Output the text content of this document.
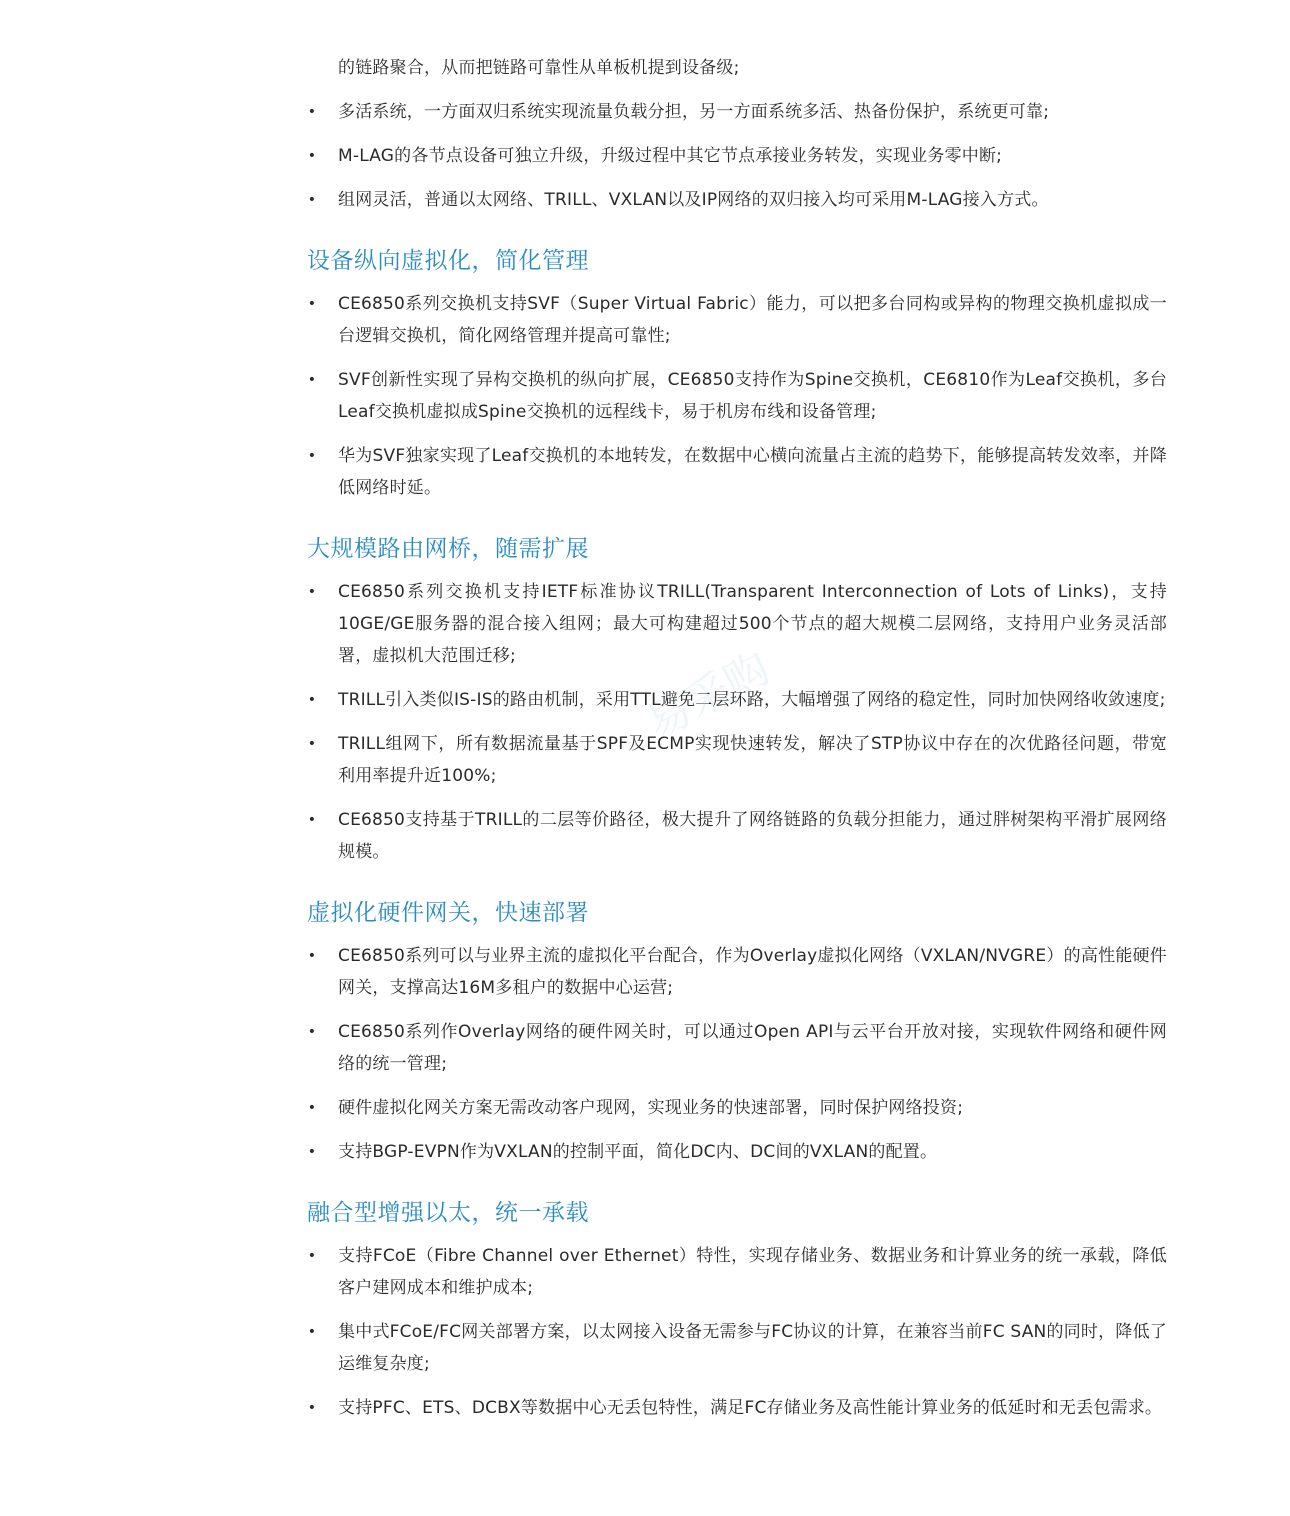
的链路聚合，从而把链路可靠性从单板机提到设备级;

• 多活系统，一方面双归系统实现流量负载分担，另一方面系统多活、热备份保护，系统更可靠;
• M-LAG的各节点设备可独立升级，升级过程中其它节点承接业务转发，实现业务零中断;
• 组网灵活，普通以太网络、TRILL、VXLAN以及IP网络的双归接入均可采用M-LAG接入方式。
设备纵向虚拟化，简化管理
• CE6850系列交换机支持SVF（Super Virtual Fabric）能力，可以把多台同构或异构的物理交换机虚拟成一台逻辑交换机，简化网络管理并提高可靠性;
• SVF创新性实现了异构交换机的纵向扩展，CE6850支持作为Spine交换机，CE6810作为Leaf交换机，多台Leaf交换机虚拟成Spine交换机的远程线卡，易于机房布线和设备管理;
• 华为SVF独家实现了Leaf交换机的本地转发，在数据中心横向流量占主流的趋势下，能够提高转发效率，并降低网络时延。
大规模路由网桥，随需扩展
• CE6850系列交换机支持IETF标准协议TRILL(Transparent Interconnection of Lots of Links)，支持10GE/GE服务器的混合接入组网；最大可构建超过500个节点的超大规模二层网络，支持用户业务灵活部署，虚拟机大范围迁移;
• TRILL引入类似IS-IS的路由机制，采用TTL避免二层环路，大幅增强了网络的稳定性，同时加快网络收敛速度;
• TRILL组网下，所有数据流量基于SPF及ECMP实现快速转发，解决了STP协议中存在的次优路径问题，带宽利用率提升近100%;
• CE6850支持基于TRILL的二层等价路径，极大提升了网络链路的负载分担能力，通过胖树架构平滑扩展网络规模。
虚拟化硬件网关，快速部署
• CE6850系列可以与业界主流的虚拟化平台配合，作为Overlay虚拟化网络（VXLAN/NVGRE）的高性能硬件网关，支撑高达16M多租户的数据中心运营;
• CE6850系列作Overlay网络的硬件网关时，可以通过Open API与云平台开放对接，实现软件网络和硬件网络的统一管理;
• 硬件虚拟化网关方案无需改动客户现网，实现业务的快速部署，同时保护网络投资;
• 支持BGP-EVPN作为VXLAN的控制平面，简化DC内、DC间的VXLAN的配置。
融合型增强以太，统一承载
• 支持FCoE（Fibre Channel over Ethernet）特性，实现存储业务、数据业务和计算业务的统一承载，降低客户建网成本和维护成本;
• 集中式FCoE/FC网关部署方案，以太网接入设备无需参与FC协议的计算，在兼容当前FC SAN的同时，降低了运维复杂度;
• 支持PFC、ETS、DCBX等数据中心无丢包特性，满足FC存储业务及高性能计算业务的低延时和无丢包需求。
易采购
